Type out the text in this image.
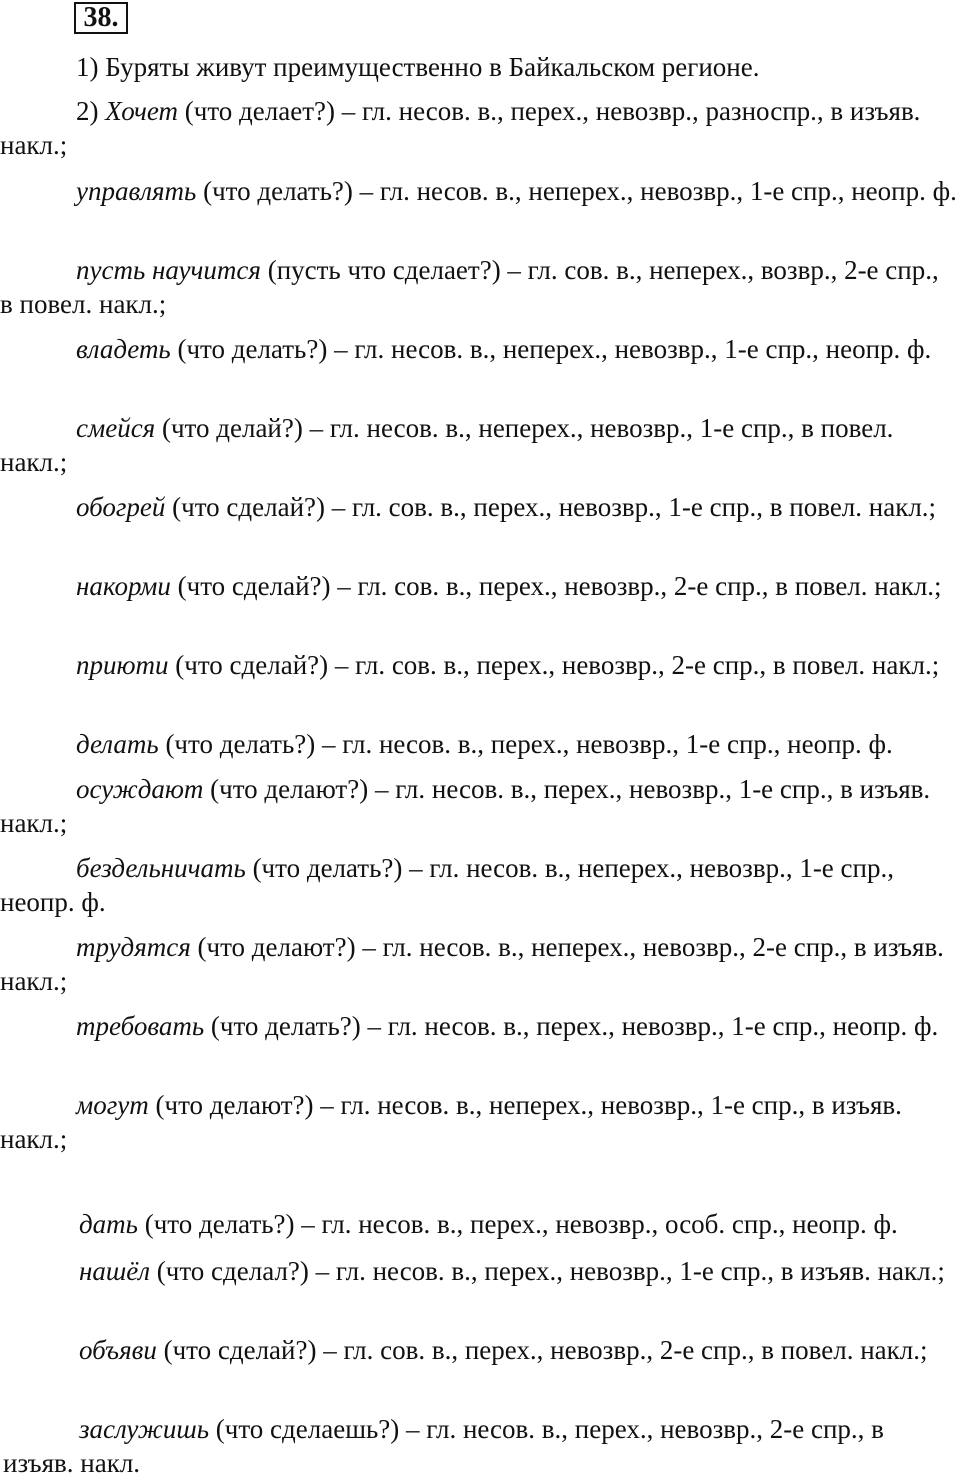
38.

1) Буряты живут преимущественно в Байкальском регионе.

2) Хочет (что делает?) – гл. несов. в., перех., невозвр., разноспр., в изъяв. накл.;

управлять (что делать?) – гл. несов. в., неперех., невозвр., 1-е спр., неопр. ф.

пусть научится (пусть что сделает?) – гл. сов. в., неперех., возвр., 2-е спр., в повел. накл.;

владеть (что делать?) – гл. несов. в., неперех., невозвр., 1-е спр., неопр. ф.

смейся (что делай?) – гл. несов. в., неперех., невозвр., 1-е спр., в повел. накл.;

обогрей (что сделай?) – гл. сов. в., перех., невозвр., 1-е спр., в повел. накл.;

накорми (что сделай?) – гл. сов. в., перех., невозвр., 2-е спр., в повел. накл.;

приюти (что сделай?) – гл. сов. в., перех., невозвр., 2-е спр., в повел. накл.;

делать (что делать?) – гл. несов. в., перех., невозвр., 1-е спр., неопр. ф.

осуждают (что делают?) – гл. несов. в., перех., невозвр., 1-е спр., в изъяв. накл.;

бездельничать (что делать?) – гл. несов. в., неперех., невозвр., 1-е спр., неопр. ф.

трудятся (что делают?) – гл. несов. в., неперех., невозвр., 2-е спр., в изъяв. накл.;

требовать (что делать?) – гл. несов. в., перех., невозвр., 1-е спр., неопр. ф.

могут (что делают?) – гл. несов. в., неперех., невозвр., 1-е спр., в изъяв. накл.;

дать (что делать?) – гл. несов. в., перех., невозвр., особ. спр., неопр. ф.

нашёл (что сделал?) – гл. несов. в., перех., невозвр., 1-е спр., в изъяв. накл.;

объяви (что сделай?) – гл. сов. в., перех., невозвр., 2-е спр., в повел. накл.;

заслужишь (что сделаешь?) – гл. несов. в., перех., невозвр., 2-е спр., в изъяв. накл.
